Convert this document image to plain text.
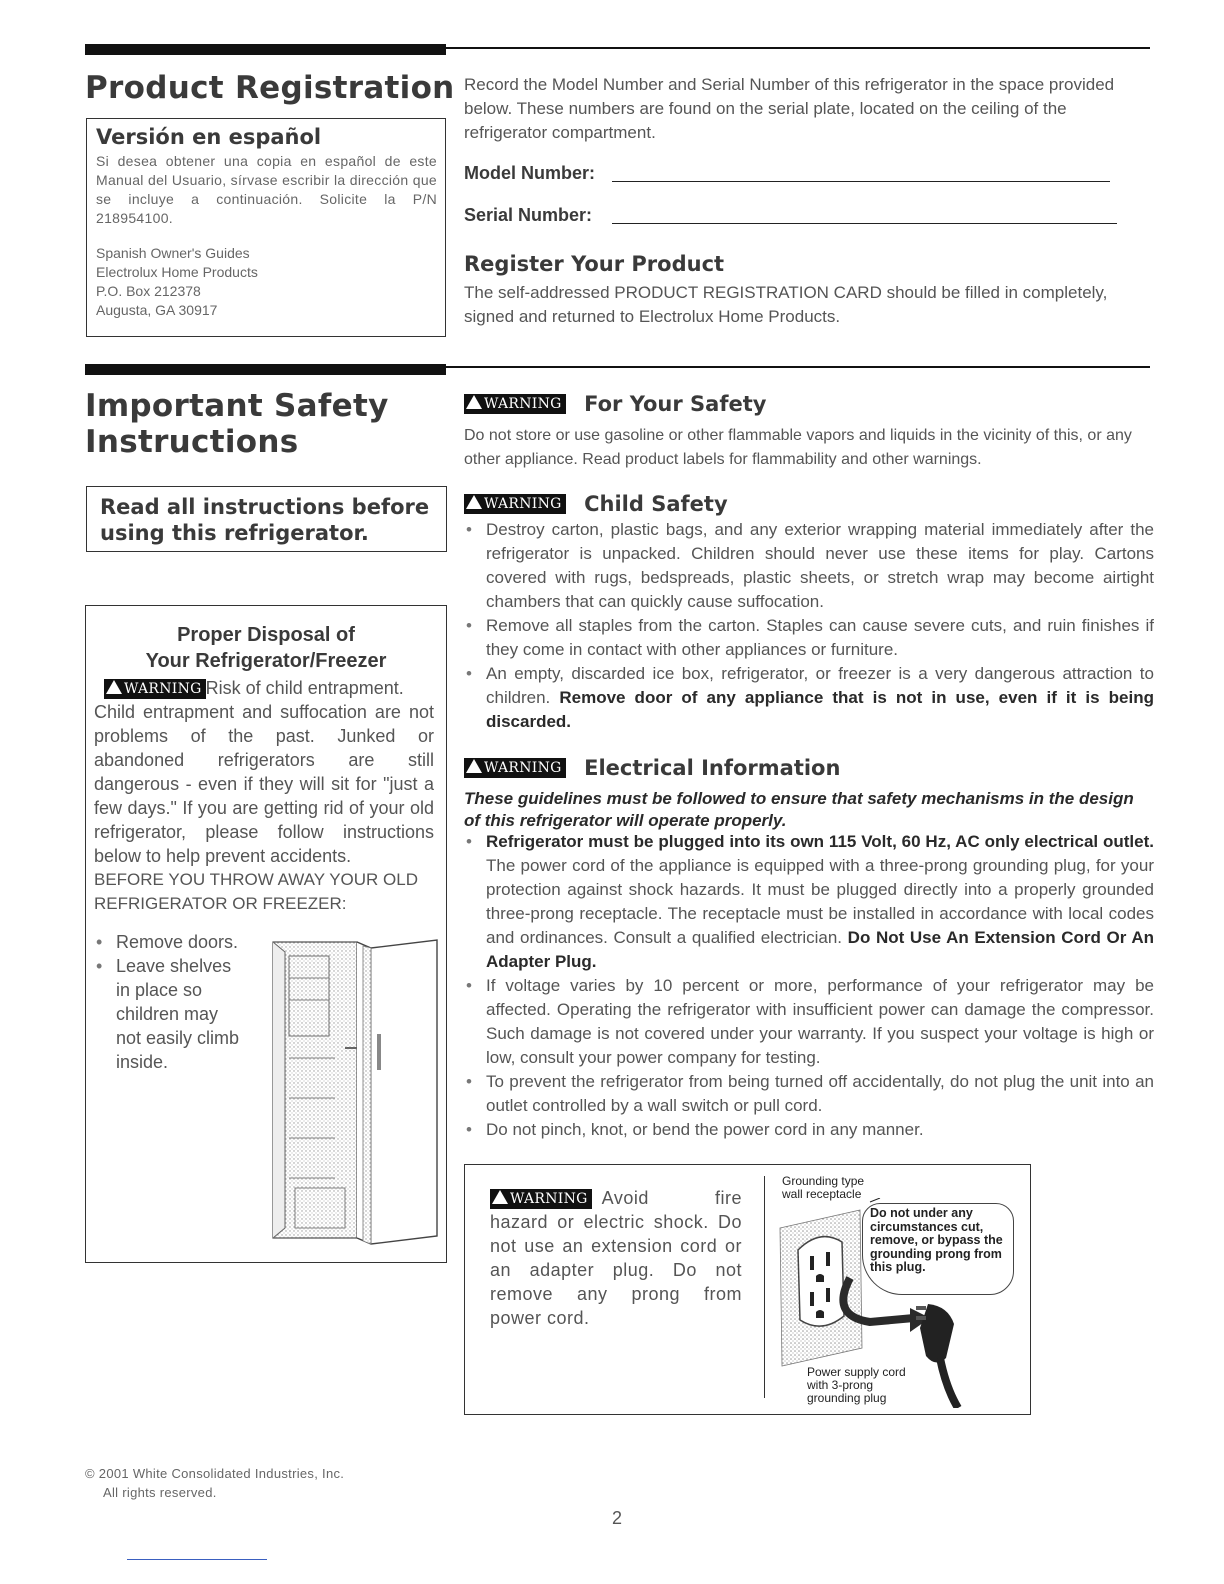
Product Registration
Versión en español
Si desea obtener una copia en español de este Manual del Usuario, sírvase escribir la dirección que se incluye a continuación. Solicite la P/N 218954100.
Spanish Owner's Guides
Electrolux Home Products
P.O. Box 212378
Augusta, GA 30917
Record the Model Number and Serial Number of this refrigerator in the space provided below. These numbers are found on the serial plate, located on the ceiling of the refrigerator compartment.
Model Number:
Serial Number:
Register Your Product
The self-addressed PRODUCT REGISTRATION CARD should be filled in completely, signed and returned to Electrolux Home Products.
Important Safety
Instructions
Read all instructions before using this refrigerator.
Proper Disposal of
Your Refrigerator/Freezer
WARNING Risk of child entrapment.
Child entrapment and suffocation are not problems of the past. Junked or abandoned refrigerators are still dangerous - even if they will sit for "just a few days." If you are getting rid of your old refrigerator, please follow instructions below to help prevent accidents.
BEFORE YOU THROW AWAY YOUR OLD REFRIGERATOR OR FREEZER:
• Remove doors.
• Leave shelves in place so children may not easily climb inside.
WARNING For Your Safety
Do not store or use gasoline or other flammable vapors and liquids in the vicinity of this, or any other appliance. Read product labels for flammability and other warnings.
WARNING Child Safety
• Destroy carton, plastic bags, and any exterior wrapping material immediately after the refrigerator is unpacked. Children should never use these items for play. Cartons covered with rugs, bedspreads, plastic sheets, or stretch wrap may become airtight chambers that can quickly cause suffocation.
• Remove all staples from the carton. Staples can cause severe cuts, and ruin finishes if they come in contact with other appliances or furniture.
• An empty, discarded ice box, refrigerator, or freezer is a very dangerous attraction to children. Remove door of any appliance that is not in use, even if it is being discarded.
WARNING Electrical Information
These guidelines must be followed to ensure that safety mechanisms in the design of this refrigerator will operate properly.
• Refrigerator must be plugged into its own 115 Volt, 60 Hz, AC only electrical outlet. The power cord of the appliance is equipped with a three-prong grounding plug, for your protection against shock hazards. It must be plugged directly into a properly grounded three-prong receptacle. The receptacle must be installed in accordance with local codes and ordinances. Consult a qualified electrician. Do Not Use An Extension Cord Or An Adapter Plug.
• If voltage varies by 10 percent or more, performance of your refrigerator may be affected. Operating the refrigerator with insufficient power can damage the compressor. Such damage is not covered under your warranty. If you suspect your voltage is high or low, consult your power company for testing.
• To prevent the refrigerator from being turned off accidentally, do not plug the unit into an outlet controlled by a wall switch or pull cord.
• Do not pinch, knot, or bend the power cord in any manner.
WARNING Avoid fire hazard or electric shock. Do not use an extension cord or an adapter plug. Do not remove any prong from power cord.
Grounding type wall receptacle
Do not under any circumstances cut, remove, or bypass the grounding prong from this plug.
Power supply cord with 3-prong grounding plug
© 2001 White Consolidated Industries, Inc.
All rights reserved.
2
